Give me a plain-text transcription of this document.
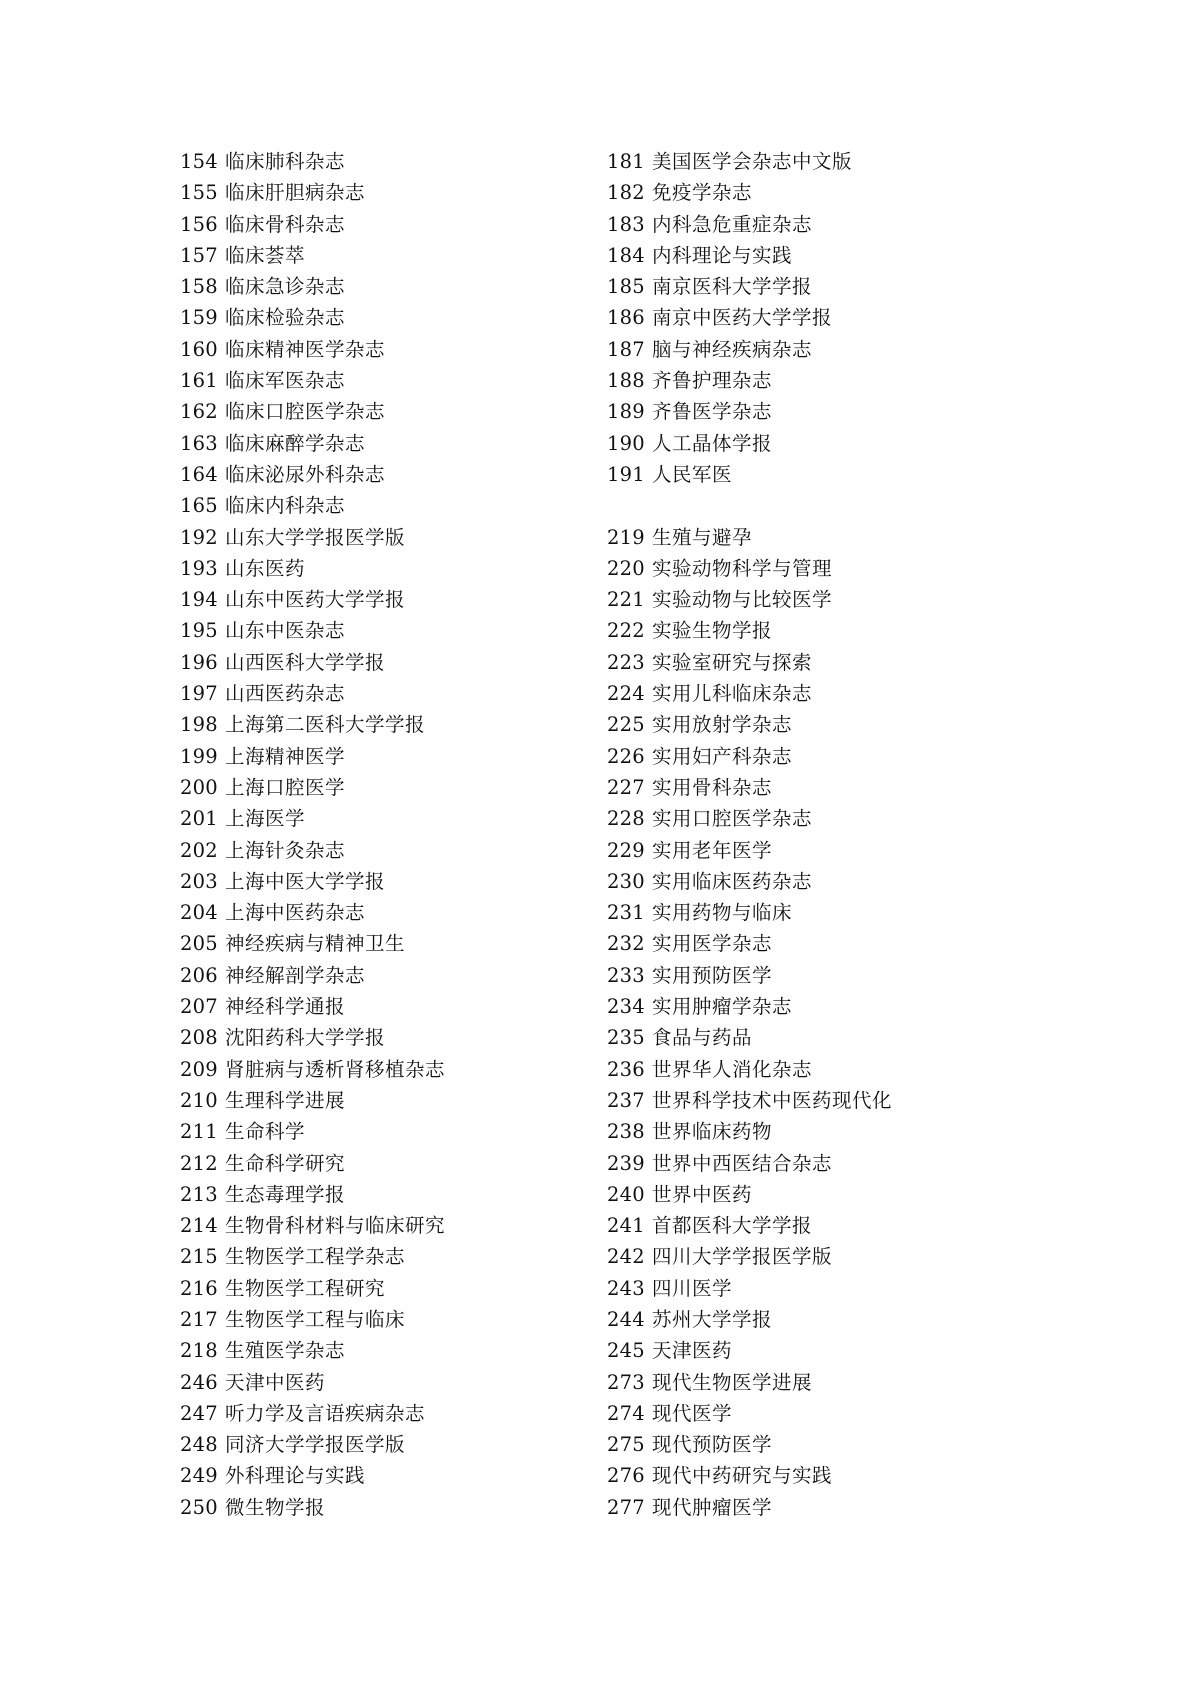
154 临床肺科杂志
155 临床肝胆病杂志
156 临床骨科杂志
157 临床荟萃
158 临床急诊杂志
159 临床检验杂志
160 临床精神医学杂志
161 临床军医杂志
162 临床口腔医学杂志
163 临床麻醉学杂志
164 临床泌尿外科杂志
165 临床内科杂志
192 山东大学学报医学版
193 山东医药
194 山东中医药大学学报
195 山东中医杂志
196 山西医科大学学报
197 山西医药杂志
198 上海第二医科大学学报
199 上海精神医学
200 上海口腔医学
201 上海医学
202 上海针灸杂志
203 上海中医大学学报
204 上海中医药杂志
205 神经疾病与精神卫生
206 神经解剖学杂志
207 神经科学通报
208 沈阳药科大学学报
209 肾脏病与透析肾移植杂志
210 生理科学进展
211 生命科学
212 生命科学研究
213 生态毒理学报
214 生物骨科材料与临床研究
215 生物医学工程学杂志
216 生物医学工程研究
217 生物医学工程与临床
218 生殖医学杂志
246 天津中医药
247 听力学及言语疾病杂志
248 同济大学学报医学版
249 外科理论与实践
250 微生物学报
181 美国医学会杂志中文版
182 免疫学杂志
183 内科急危重症杂志
184 内科理论与实践
185 南京医科大学学报
186 南京中医药大学学报
187 脑与神经疾病杂志
188 齐鲁护理杂志
189 齐鲁医学杂志
190 人工晶体学报
191 人民军医
219 生殖与避孕
220 实验动物科学与管理
221 实验动物与比较医学
222 实验生物学报
223 实验室研究与探索
224 实用儿科临床杂志
225 实用放射学杂志
226 实用妇产科杂志
227 实用骨科杂志
228 实用口腔医学杂志
229 实用老年医学
230 实用临床医药杂志
231 实用药物与临床
232 实用医学杂志
233 实用预防医学
234 实用肿瘤学杂志
235 食品与药品
236 世界华人消化杂志
237 世界科学技术中医药现代化
238 世界临床药物
239 世界中西医结合杂志
240 世界中医药
241 首都医科大学学报
242 四川大学学报医学版
243 四川医学
244 苏州大学学报
245 天津医药
273 现代生物医学进展
274 现代医学
275 现代预防医学
276 现代中药研究与实践
277 现代肿瘤医学
